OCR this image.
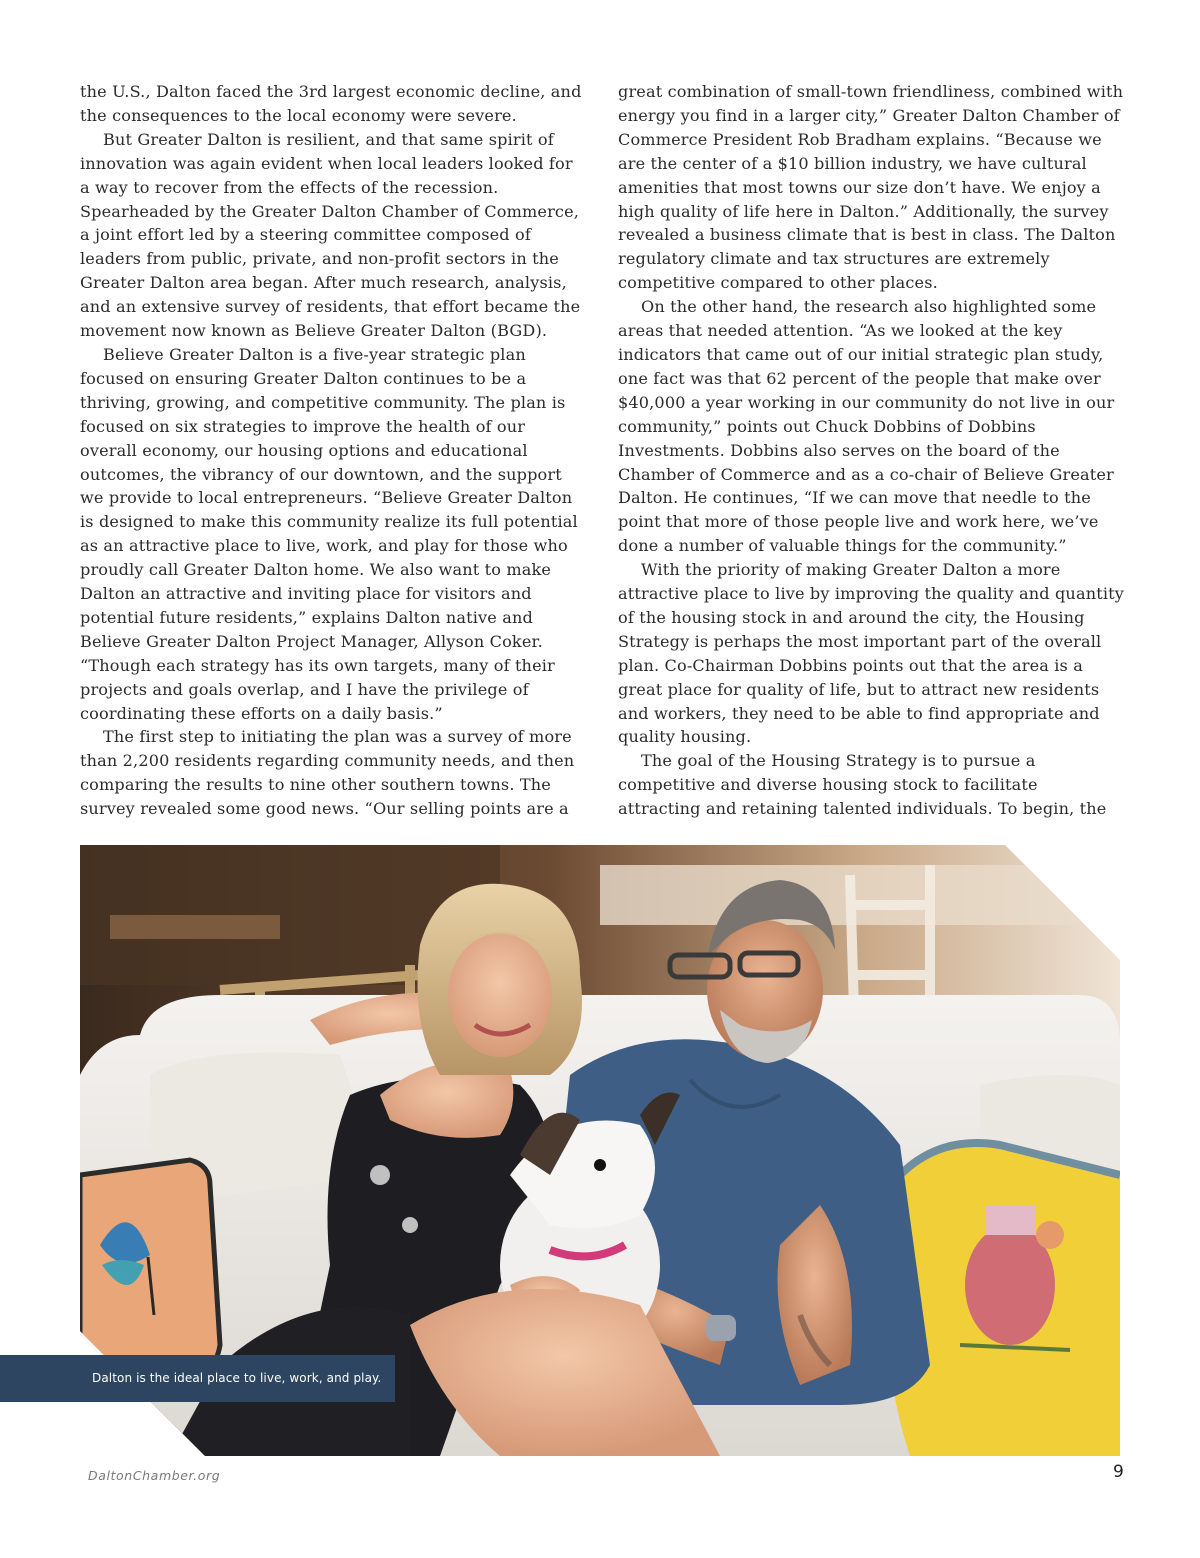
the U.S., Dalton faced the 3rd largest economic decline, and the consequences to the local economy were severe.

But Greater Dalton is resilient, and that same spirit of innovation was again evident when local leaders looked for a way to recover from the effects of the recession. Spearheaded by the Greater Dalton Chamber of Commerce, a joint effort led by a steering committee composed of leaders from public, private, and non-profit sectors in the Greater Dalton area began. After much research, analysis, and an extensive survey of residents, that effort became the movement now known as Believe Greater Dalton (BGD).

Believe Greater Dalton is a five-year strategic plan focused on ensuring Greater Dalton continues to be a thriving, growing, and competitive community. The plan is focused on six strategies to improve the health of our overall economy, our housing options and educational outcomes, the vibrancy of our downtown, and the support we provide to local entrepreneurs. “Believe Greater Dalton is designed to make this community realize its full potential as an attractive place to live, work, and play for those who proudly call Greater Dalton home. We also want to make Dalton an attractive and inviting place for visitors and potential future residents,” explains Dalton native and Believe Greater Dalton Project Manager, Allyson Coker. “Though each strategy has its own targets, many of their projects and goals overlap, and I have the privilege of coordinating these efforts on a daily basis.”

The first step to initiating the plan was a survey of more than 2,200 residents regarding community needs, and then comparing the results to nine other southern towns. The survey revealed some good news. “Our selling points are a

great combination of small-town friendliness, combined with energy you find in a larger city,” Greater Dalton Chamber of Commerce President Rob Bradham explains. “Because we are the center of a $10 billion industry, we have cultural amenities that most towns our size don’t have. We enjoy a high quality of life here in Dalton.” Additionally, the survey revealed a business climate that is best in class. The Dalton regulatory climate and tax structures are extremely competitive compared to other places.

On the other hand, the research also highlighted some areas that needed attention. “As we looked at the key indicators that came out of our initial strategic plan study, one fact was that 62 percent of the people that make over $40,000 a year working in our community do not live in our community,” points out Chuck Dobbins of Dobbins Investments. Dobbins also serves on the board of the Chamber of Commerce and as a co-chair of Believe Greater Dalton. He continues, “If we can move that needle to the point that more of those people live and work here, we’ve done a number of valuable things for the community.”

With the priority of making Greater Dalton a more attractive place to live by improving the quality and quantity of the housing stock in and around the city, the Housing Strategy is perhaps the most important part of the overall plan. Co-Chairman Dobbins points out that the area is a great place for quality of life, but to attract new residents and workers, they need to be able to find appropriate and quality housing.

The goal of the Housing Strategy is to pursue a competitive and diverse housing stock to facilitate attracting and retaining talented individuals. To begin, the

Dalton is the ideal place to live, work, and play.
DaltonChamber.org	9
